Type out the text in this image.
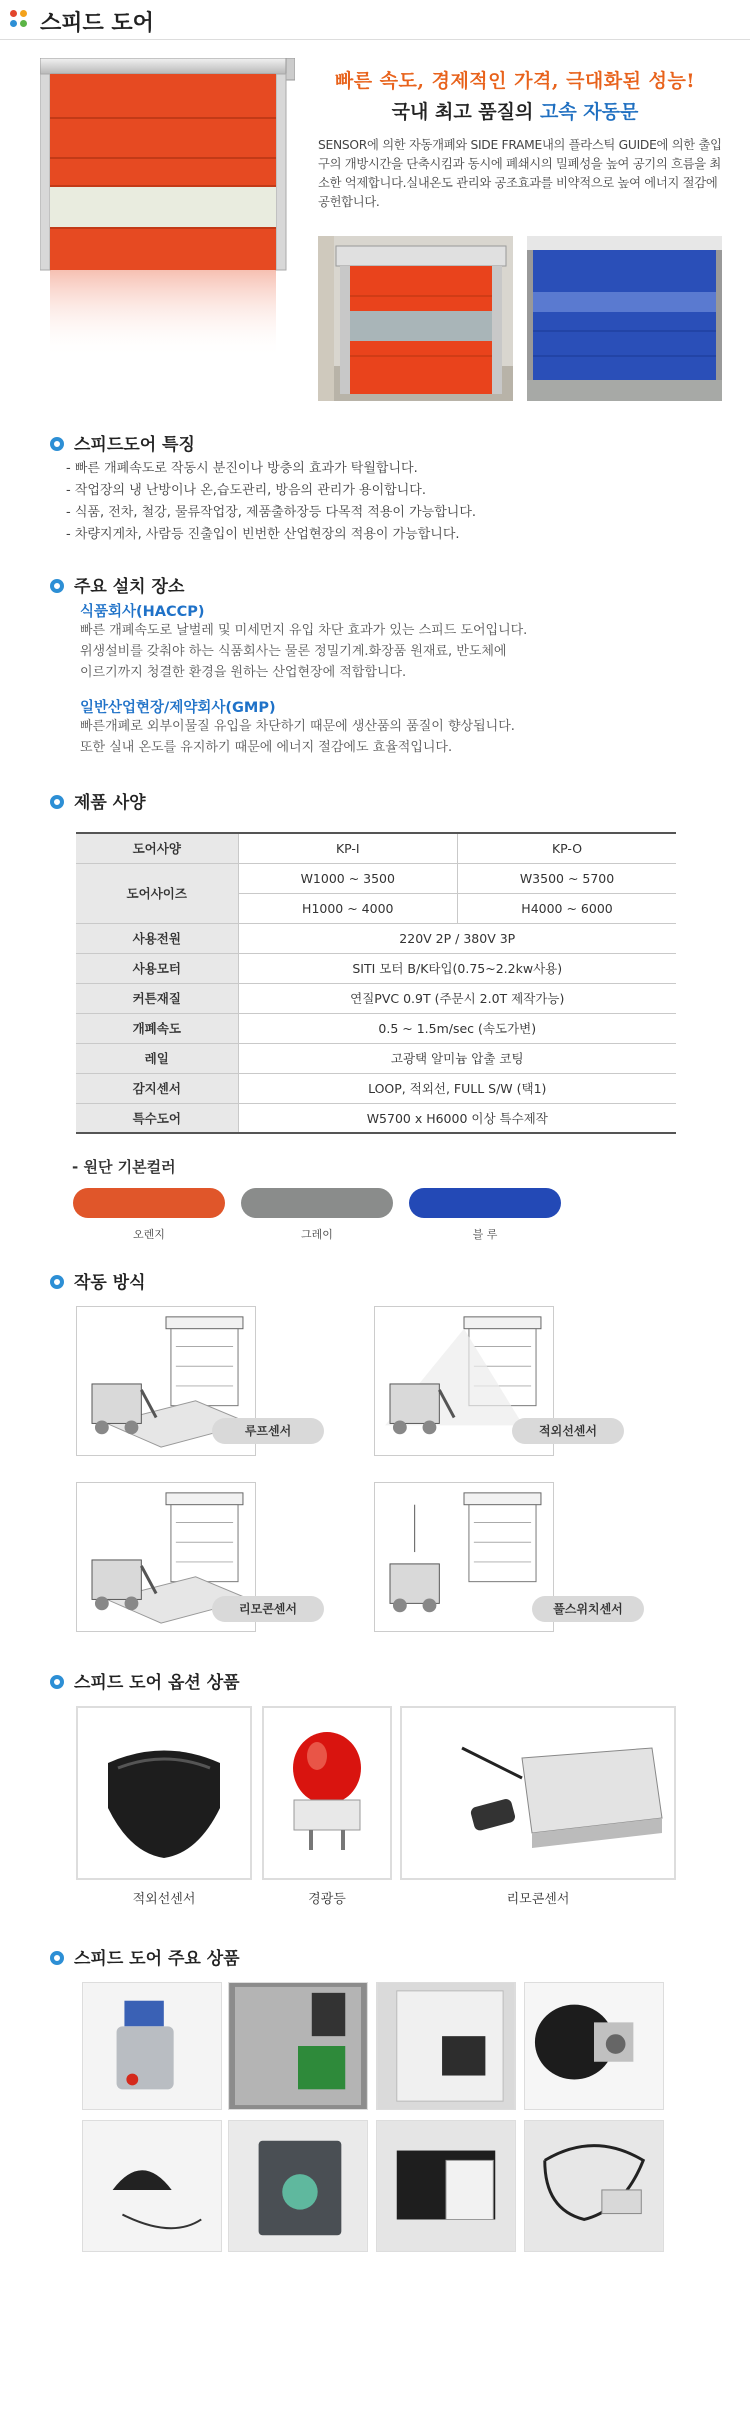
스피드 도어
빠른 속도, 경제적인 가격, 극대화된 성능!
국내 최고 품질의 고속 자동문
SENSOR에 의한 자동개폐와 SIDE FRAME내의 플라스틱 GUIDE에 의한 출입구의 개방시간을 단축시킴과 동시에 폐쇄시의 밀폐성을 높여 공기의 흐름을 최소한 억제합니다.실내온도 관리와 공조효과를 비약적으로 높여 에너지 절감에 공헌합니다.
스피드도어 특징
- 빠른 개폐속도로 작동시 분진이나 방충의 효과가 탁월합니다.
- 작업장의 냉 난방이나 온,습도관리, 방음의 관리가 용이합니다.
- 식품, 전차, 철강, 물류작업장, 제품출하장등 다목적 적용이 가능합니다.
- 차량지게차, 사람등 진출입이 빈번한 산업현장의 적용이 가능합니다.
주요 설치 장소
식품회사(HACCP)
빠른 개폐속도로 날벌레 및 미세먼지 유입 차단 효과가 있는 스피드 도어입니다.
위생설비를 갖춰야 하는 식품회사는 물론 정밀기계.화장품 원재료, 반도체에
이르기까지 청결한 환경을 원하는 산업현장에 적합합니다.
일반산업현장/제약회사(GMP)
빠른개폐로 외부이물질 유입을 차단하기 때문에 생산품의 품질이 향상됩니다.
또한 실내 온도를 유지하기 때문에 에너지 절감에도 효율적입니다.
제품 사양
도어사양	KP-I	KP-O
도어사이즈	W1000 ~ 3500	W3500 ~ 5700
	H1000 ~ 4000	H4000 ~ 6000
사용전원	220V 2P / 380V 3P	
사용모터	SITI 모터 B/K타입(0.75~2.2kw사용)	
커튼재질	연질PVC 0.9T (주문시 2.0T 제작가능)	
개폐속도	0.5 ~ 1.5m/sec (속도가변)	
레일	고광택 알미늄 압출 코팅	
감지센서	LOOP, 적외선, FULL S/W (택1)	
특수도어	W5700 x H6000 이상 특수제작	
- 원단 기본컬러
오렌지	그레이	블 루
작동 방식
루프센서	적외선센서
리모콘센서	풀스위치센서
스피드 도어 옵션 상품
적외선센서	경광등	리모콘센서
스피드 도어 주요 상품
